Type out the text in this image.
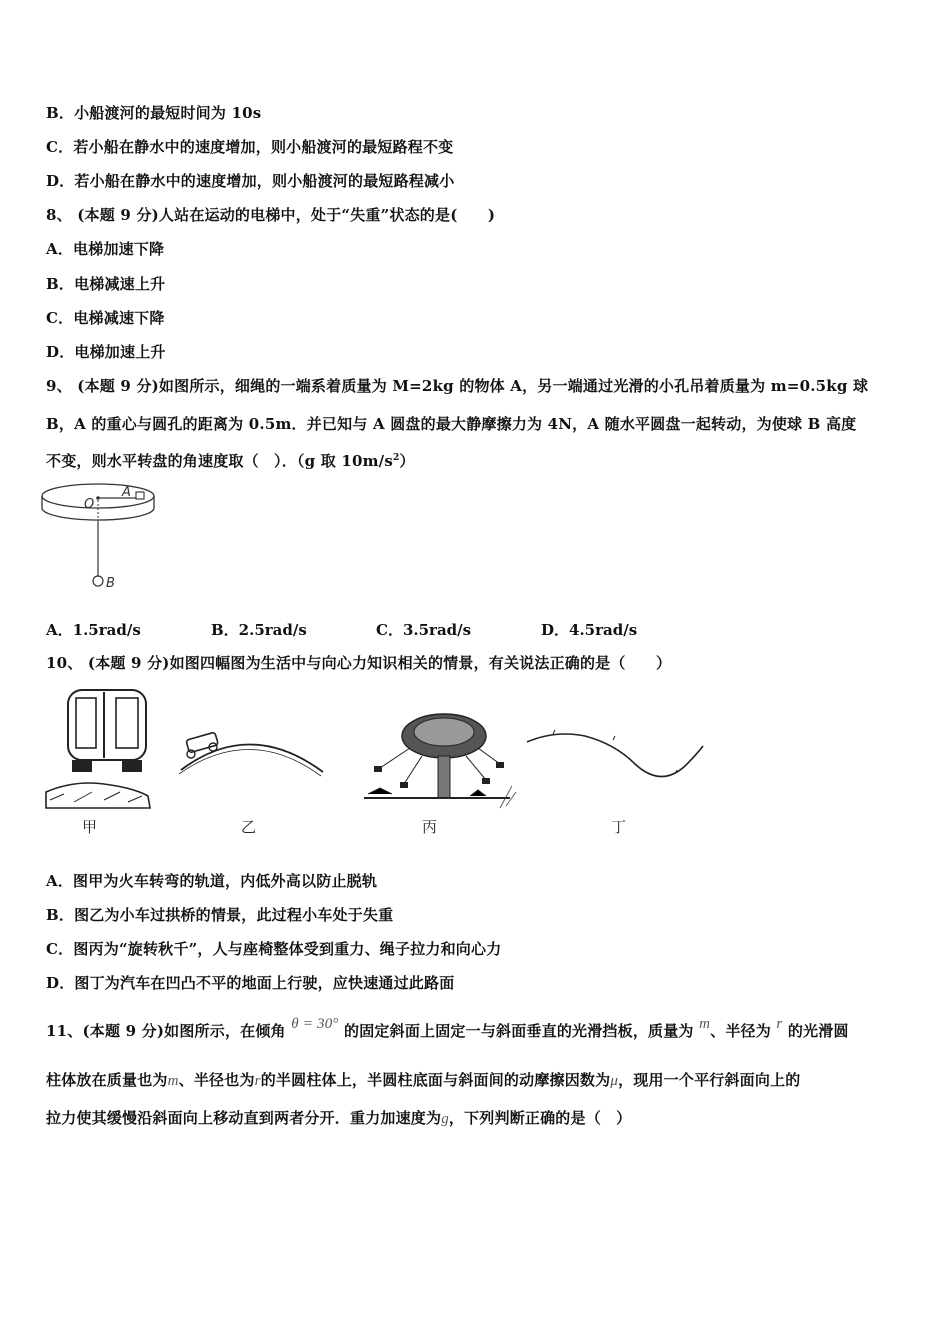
B．小船渡河的最短时间为 10s
C．若小船在静水中的速度增加，则小船渡河的最短路程不变
D．若小船在静水中的速度增加，则小船渡河的最短路程减小
8、 (本题 9 分)人站在运动的电梯中，处于“失重”状态的是(　　)
A．电梯加速下降
B．电梯减速上升
C．电梯减速下降
D．电梯加速上升
9、 (本题 9 分)如图所示，细绳的一端系着质量为 M=2kg 的物体 A，另一端通过光滑的小孔吊着质量为 m=0.5kg 球
B，A 的重心与圆孔的距离为 0.5m．并已知与 A 圆盘的最大静摩擦力为 4N，A 随水平圆盘一起转动，为使球 B 高度
不变，则水平转盘的角速度取（　）．（g 取 $10m/s^2$）
O
A
B
A．1.5rad/s	B．2.5rad/s	C．3.5rad/s	D．4.5rad/s
10、 (本题 9 分)如图四幅图为生活中与向心力知识相关的情景，有关说法正确的是（　　）
甲	乙	丙	丁
A．图甲为火车转弯的轨道，内低外高以防止脱轨
B．图乙为小车过拱桥的情景，此过程小车处于失重
C．图丙为“旋转秋千”，人与座椅整体受到重力、绳子拉力和向心力
D．图丁为汽车在凹凸不平的地面上行驶，应快速通过此路面
11、(本题 9 分)如图所示，在倾角 θ = 30° 的固定斜面上固定一与斜面垂直的光滑挡板，质量为 m、半径为 r 的光滑圆
柱体放在质量也为m、半径也为r的半圆柱体上，半圆柱底面与斜面间的动摩擦因数为μ，现用一个平行斜面向上的
拉力使其缓慢沿斜面向上移动直到两者分开．重力加速度为g，下列判断正确的是（　）
